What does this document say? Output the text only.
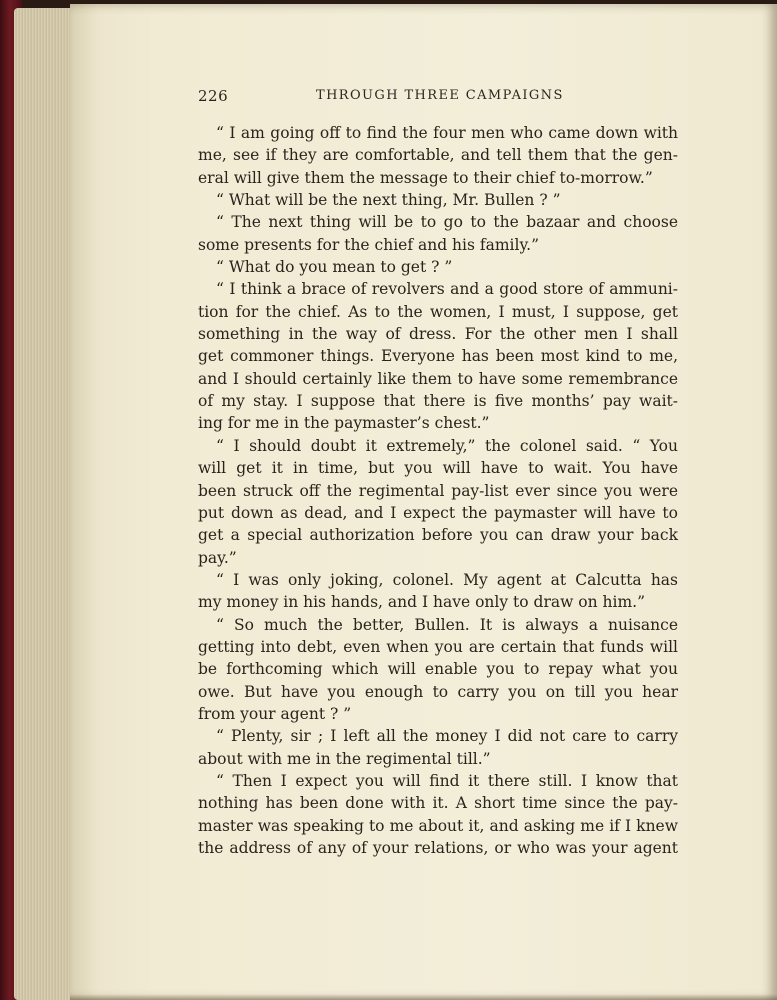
226	THROUGH THREE CAMPAIGNS
“ I am going off to find the four men who came down with
me, see if they are comfortable, and tell them that the gen-
eral will give them the message to their chief to-morrow.”
“ What will be the next thing, Mr. Bullen ? ”
“ The next thing will be to go to the bazaar and choose
some presents for the chief and his family.”
“ What do you mean to get ? ”
“ I think a brace of revolvers and a good store of ammuni-
tion for the chief. As to the women, I must, I suppose, get
something in the way of dress. For the other men I shall
get commoner things. Everyone has been most kind to me,
and I should certainly like them to have some remembrance
of my stay. I suppose that there is five months’ pay wait-
ing for me in the paymaster’s chest.”
“ I should doubt it extremely,” the colonel said. “ You
will get it in time, but you will have to wait. You have
been struck off the regimental pay-list ever since you were
put down as dead, and I expect the paymaster will have to
get a special authorization before you can draw your back
pay.”
“ I was only joking, colonel. My agent at Calcutta has
my money in his hands, and I have only to draw on him.”
“ So much the better, Bullen. It is always a nuisance
getting into debt, even when you are certain that funds will
be forthcoming which will enable you to repay what you
owe. But have you enough to carry you on till you hear
from your agent ? ”
“ Plenty, sir ; I left all the money I did not care to carry
about with me in the regimental till.”
“ Then I expect you will find it there still. I know that
nothing has been done with it. A short time since the pay-
master was speaking to me about it, and asking me if I knew
the address of any of your relations, or who was your agent
